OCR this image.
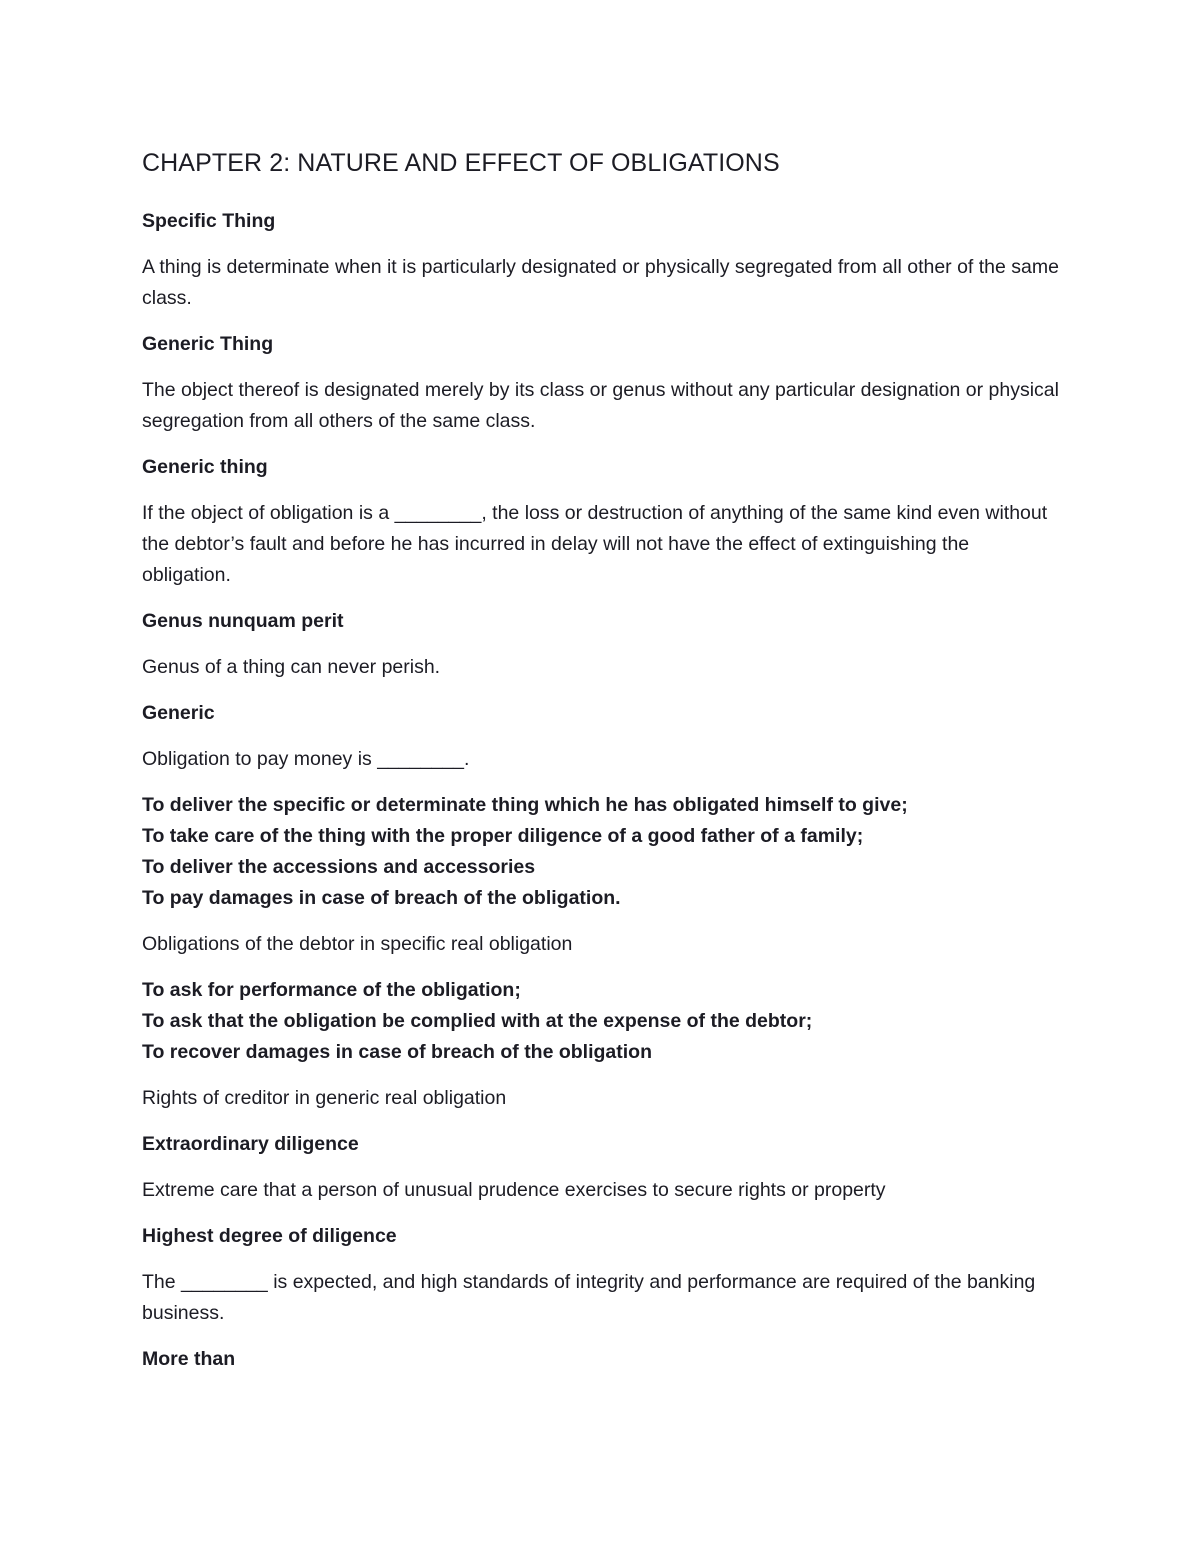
CHAPTER 2: NATURE AND EFFECT OF OBLIGATIONS

Specific Thing

A thing is determinate when it is particularly designated or physically segregated from all other of the same class.

Generic Thing

The object thereof is designated merely by its class or genus without any particular designation or physical segregation from all others of the same class.

Generic thing

If the object of obligation is a ________, the loss or destruction of anything of the same kind even without the debtor’s fault and before he has incurred in delay will not have the effect of extinguishing the obligation.

Genus nunquam perit

Genus of a thing can never perish.

Generic

Obligation to pay money is ________.

To deliver the specific or determinate thing which he has obligated himself to give;
To take care of the thing with the proper diligence of a good father of a family;
To deliver the accessions and accessories
To pay damages in case of breach of the obligation.

Obligations of the debtor in specific real obligation

To ask for performance of the obligation;
To ask that the obligation be complied with at the expense of the debtor;
To recover damages in case of breach of the obligation

Rights of creditor in generic real obligation

Extraordinary diligence

Extreme care that a person of unusual prudence exercises to secure rights or property

Highest degree of diligence

The ________ is expected, and high standards of integrity and performance are required of the banking business.

More than
